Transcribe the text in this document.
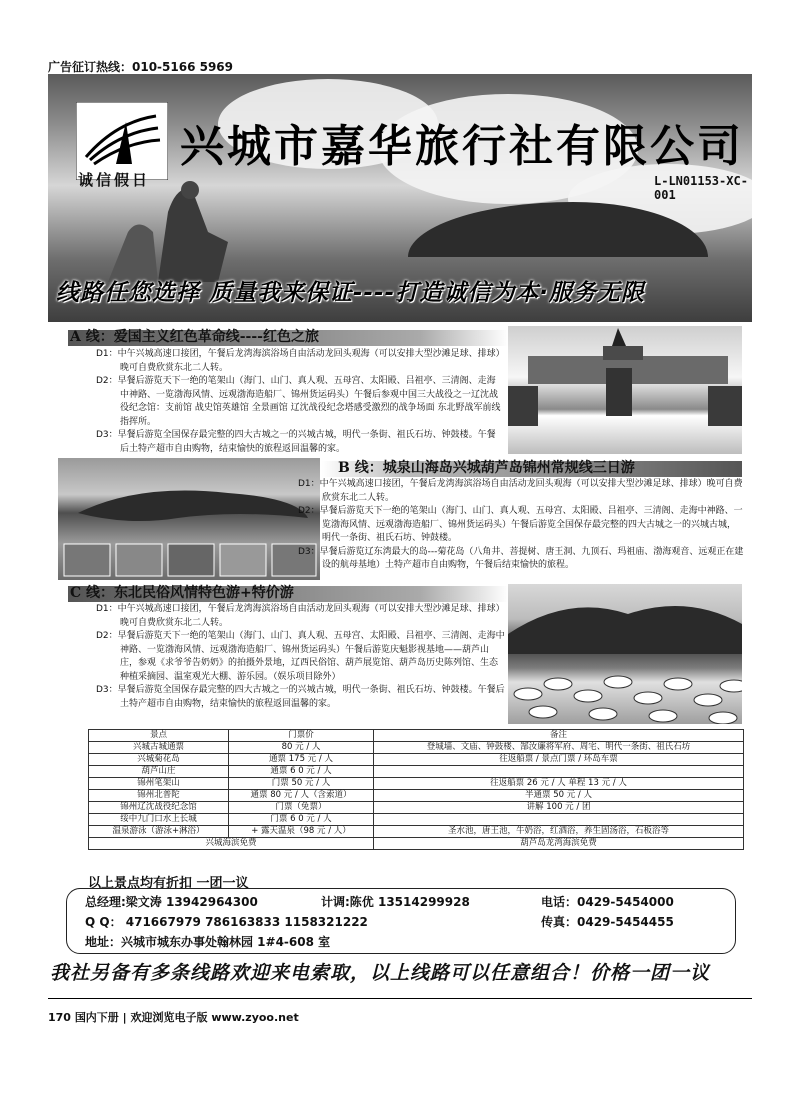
广告征订热线：010-5166 5969
兴城市嘉华旅行社有限公司
诚信假日	L-LN01153-XC-001
线路任您选择 质量我来保证----打造诚信为本·服务无限
A 线：爱国主义红色革命线----红色之旅

D1：中午兴城高速口接团，午餐后龙湾海滨浴场自由活动龙回头观海（可以安排大型沙滩足球、排球）晚可自费欣赏东北二人转。

D2：早餐后游览天下一绝的笔架山（海门、山门、真人观、五母宫、太阳殿、吕祖亭、三清阁、走海中神路、一览渤海风情、远观渤海造船厂、锦州货运码头）午餐后参观中国三大战役之一辽沈战役纪念馆：支前馆 战史馆英雄馆 全景画馆 辽沈战役纪念塔感受激烈的战争场面 东北野战军前线指挥所。

D3：早餐后游览全国保存最完整的四大古城之一的兴城古城，明代一条街、祖氏石坊、钟鼓楼。午餐后土特产超市自由购物，结束愉快的旅程返回温馨的家。

B 线：城泉山海岛兴城葫芦岛锦州常规线三日游

D1：中午兴城高速口接团，午餐后龙湾海滨浴场自由活动龙回头观海（可以安排大型沙滩足球、排球）晚可自费欣赏东北二人转。

D2：早餐后游览天下一绝的笔架山（海门、山门、真人观、五母宫、太阳殿、吕祖亭、三清阁、走海中神路、一 览渤海风情、远观渤海造船厂、锦州货运码头）午餐后游览全国保存最完整的四大古城之一的兴城古城，明代一条街、祖氏石坊、钟鼓楼。

D3：早餐后游览辽东湾最大的岛---菊花岛（八角井、菩提树、唐王洞、九顶石、玛祖庙、渤海观音、远观正在建设的航母基地）土特产超市自由购物，午餐后结束愉快的旅程。

C 线：东北民俗风情特色游+特价游

D1：中午兴城高速口接团，午餐后龙湾海滨浴场自由活动龙回头观海（可以安排大型沙滩足球、排球）晚可自费欣赏东北二人转。

D2：早餐后游览天下一绝的笔架山（海门、山门、真人观、五母宫、太阳殿、吕祖亭、三清阁、走海中神路、一览渤海风情、远观渤海造船厂、锦州货运码头）午餐后游览庆魁影视基地——葫芦山庄，参观《求爷爷告奶奶》的拍摄外景地，辽西民俗馆、葫芦展览馆、葫芦岛历史陈列馆、生态种植采摘园、温室观光大棚、游乐园。（娱乐项目除外）

D3：早餐后游览全国保存最完整的四大古城之一的兴城古城，明代一条街、祖氏石坊、钟鼓楼。午餐后土特产超市自由购物，结束愉快的旅程返回温馨的家。

景点	门票价	备注
兴城古城通票	80 元 / 人	登城墙、文庙、钟鼓楼、郜汝廉将军府、周宅、明代一条街、祖氏石坊
兴城菊花岛	通票 175 元 / 人	往返船票 / 景点门票 / 环岛车票
葫芦山庄	通票 6 0 元 / 人	
锦州笔架山	门票 50 元 / 人	往返船票 26 元 / 人 单程 13 元 / 人
锦州北普陀	通票 80 元 / 人（含索道）	半通票 50 元 / 人
锦州辽沈战役纪念馆	门票（免票）	讲解 100 元 / 团
绥中九门口水上长城	门票 6 0 元 / 人	
温泉游泳（游泳+淋浴）	+ 露天温泉（98 元 / 人）	圣水池，唐王池，牛奶浴，红酒浴，养生固汤浴，石板浴等
兴城海滨免费		葫芦岛龙湾海滨免费
以上景点均有折扣 一团一议
总经理:梁文涛 13942964300	计调:陈优 13514299928	电话：0429-5454000
Q Q： 471667979 786163833 1158321222	传真：0429-5454455
地址：兴城市城东办事处翰林园 1#4-608 室
我社另备有多条线路欢迎来电索取，以上线路可以任意组合！价格一团一议
170 国内下册 | 欢迎浏览电子版 www.zyoo.net
